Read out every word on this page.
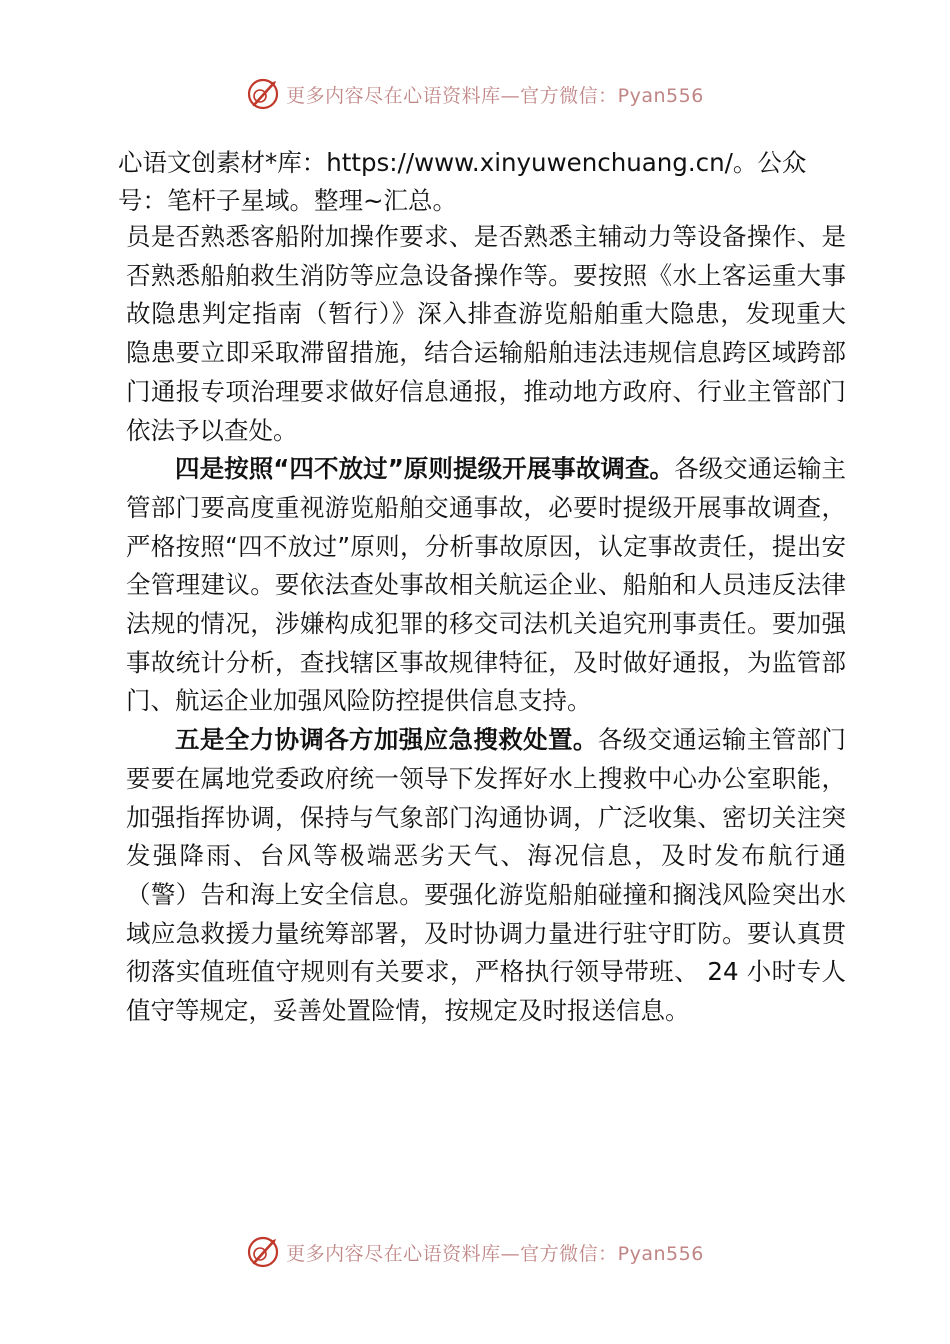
更多内容尽在心语资料库—官方微信：Pyan556
心语文创素材*库：https://www.xinyuwenchuang.cn/。公众号：笔杆子星域。整理~汇总。

员是否熟悉客船附加操作要求、是否熟悉主辅动力等设备操作、是否熟悉船舶救生消防等应急设备操作等。要按照《水上客运重大事故隐患判定指南（暂行）》深入排查游览船舶重大隐患，发现重大隐患要立即采取滞留措施，结合运输船舶违法违规信息跨区域跨部门通报专项治理要求做好信息通报，推动地方政府、行业主管部门依法予以查处。

四是按照“四不放过”原则提级开展事故调查。各级交通运输主管部门要高度重视游览船舶交通事故，必要时提级开展事故调查，严格按照“四不放过”原则，分析事故原因，认定事故责任，提出安全管理建议。要依法查处事故相关航运企业、船舶和人员违反法律法规的情况，涉嫌构成犯罪的移交司法机关追究刑事责任。要加强事故统计分析，查找辖区事故规律特征，及时做好通报，为监管部门、航运企业加强风险防控提供信息支持。

五是全力协调各方加强应急搜救处置。各级交通运输主管部门要要在属地党委政府统一领导下发挥好水上搜救中心办公室职能，加强指挥协调，保持与气象部门沟通协调，广泛收集、密切关注突发强降雨、台风等极端恶劣天气、海况信息，及时发布航行通（警）告和海上安全信息。要强化游览船舶碰撞和搁浅风险突出水域应急救援力量统筹部署，及时协调力量进行驻守盯防。要认真贯彻落实值班值守规则有关要求，严格执行领导带班、 24 小时专人值守等规定，妥善处置险情，按规定及时报送信息。

更多内容尽在心语资料库—官方微信：Pyan556
